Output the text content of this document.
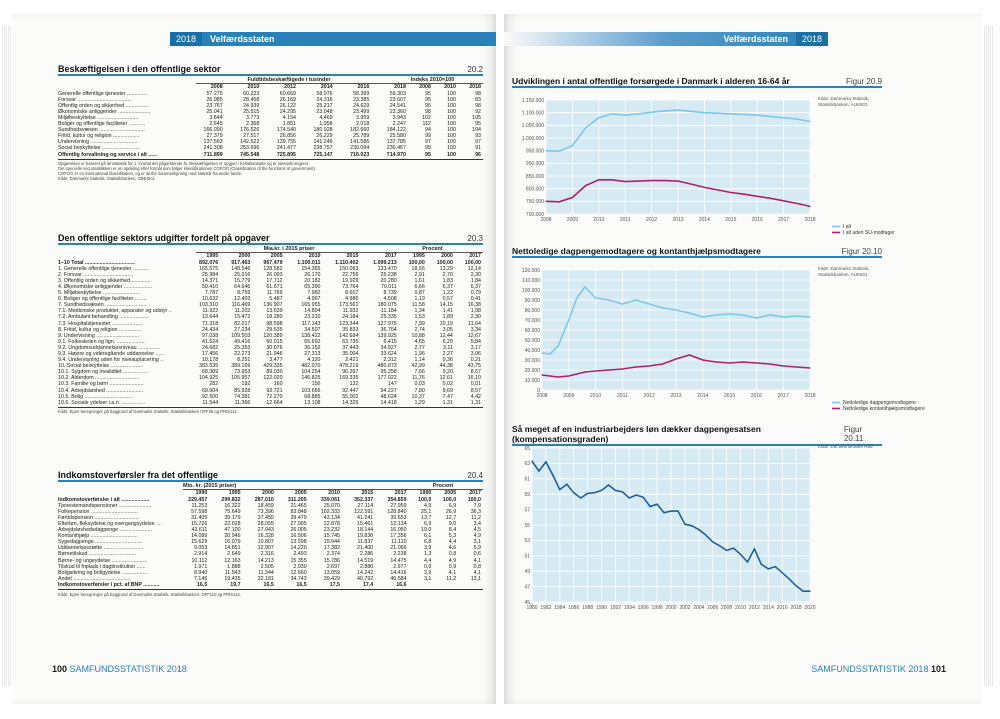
2018 Velfærdsstaten
Beskæftigelsen i den offentlige sektor	20.2
Fuldtidsbeskæftigede i tusinder	Indeks 2010=100
	2008	2010	2012	2014	2016	2018	2008	2010	2018
Generelle offentlige tjenester ..............	57.275	60.223	60.669	58.976	58.399	59.303	95	100	98
Forsvar .....................................	26.985	28.458	26.169	24.316	23.385	23.607	95	100	83
Offentlig orden og sikkerhed ................	23.767	24.939	26.122	25.217	24.629	24.541	95	100	98
Økonomiske anliggender ......................	25.041	25.515	24.295	23.048	23.499	23.360	98	100	92
Miljøbeskyttelse ............................	3.844	3.773	4.154	4.469	3.959	3.943	102	100	105
Boliger og offentlige faciliteter ...........	2.645	2.368	1.851	1.958	2.018	2.247	112	100	95
Sundhedsvæsen ...............................	166.090	176.526	174.540	180.928	182.660	184.122	94	100	104
Fritid, kultur og religion ..................	27.379	27.517	26.856	26.229	25.789	25.580	99	100	93
Undervisning ................................	137.563	142.522	139.755	141.246	141.586	137.785	97	100	97
Social beskyttelse ..........................	241.308	253.696	241.477	238.757	230.094	230.467	95	100	91
Offentlig forvaltning og service i alt ......	711.899	745.548	725.895	725.147	716.023	714.970	95	100	96
Opgørelsen er baseret på lønstatistik for 1. kvartal det pågældende år. Beskæftigelsen er opgjort i heltidsansatte og er sæsonkorrigeret.
Det specielle ved statistikken er en opdeling efter formål som følger klassifikationen COFOG (Classification of the functions of government).
COFOG er en international klassifikation, og er derfor sammenlignelig med statistik fra andre lande.
Kilde: Danmarks Statistik, Statistikbanken, OBESK4.
Den offentlige sektors udgifter fordelt på opgaver	20.3
Mia.kr. i 2015 priser	Procent
	1995	2000	2005	2010	2015	2017	1995	2000	2017
1–10 Total ..................................	892.076	917.463	967.479	1.100.011	1.110.402	1.099.213	100,00	100,00	100,00
1. Generelle offentlige tjenester ...........	165.575	148.546	128.582	154.365	150.063	133.470	18,56	13,29	12,14
2. Forsvar ..................................	25.984	25.016	26.093	26.170	22.756	25.238	2,91	2,70	2,30
3. Offentlig orden og sikkerhed .............	14.371	15.779	17.712	20.182	19.929	20.280	1,61	1,83	1,84
4. Økonomiske anliggender ...................	59.410	64.646	61.671	65.390	73.764	70.011	6,66	6,37	6,37
5. Miljøbeskyttelse .........................	7.787	8.759	11.769	7.982	8.607	8.739	0,87	1,22	0,79
6. Boliger og offentlige faciliteter ........	10.632	12.403	5.487	4.967	4.986	4.508	1,19	0,57	0,41
7. Sundhedsvæsen ............................	103.310	116.469	136.907	165.955	173.561	180.075	11,58	14,15	16,38
7.1. Medicinske produkter, apparater og udstyr ..	11.922	11.202	13.639	14.804	11.932	11.184	1,34	1,41	1,08
7.2. Ambulant behandling ....................	13.644	15.472	18.280	23.310	24.184	25.335	1,53	1,89	2,30
7.3. Hospitalstjenester .....................	71.318	82.017	98.598	117.143	123.344	127.975	7,99	10,19	11,64
8. Fritid, kultur og religion ...............	24.434	27.234	29.535	34.507	35.833	36.764	2,74	3,05	3,34
9. Undervisning .............................	97.038	109.503	120.389	138.422	142.684	139.925	10,88	12,44	12,67
9.1. Folkeskolen og lign. ...................	41.524	49.416	60.015	65.692	63.735	6.415	4,65	6,20	5,84
9.2. Ungdomsuddannelsesniveau ...............	24.682	25.353	30.076	36.152	37.443	34.827	2,77	3,11	3,17
9.3. Højere og videregående uddannelse ......	17.456	22.273	21.946	27.313	35.004	33.624	1,96	2,27	3,06
9.4. Undervisning uden for niveauplacering ..	10.178	8.251	3.477	4.120	2.421	2.312	1,14	0,36	0,21
10. Social beskyttelse ......................	383.535	389.169	429.335	482.070	478.219	480.873	42,99	44,38	43,75
10.1. Sygdom og invaliditet .................	68.309	73.953	89.030	104.254	96.397	95.258	7,66	9,20	8,67
10.2. Alderdom ..............................	104.925	105.957	122.020	146.825	169.335	177.022	11,76	12,61	16,10
10.3. Familie og børn .......................	282	192	160	156	132	147	0,03	0,02	0,01
10.4. Arbejdsløshed .........................	69.604	85.928	93.721	103.666	92.447	94.227	7,80	9,69	8,57
10.5. Bolig .................................	92.500	74.381	72.270	68.885	55.002	48.624	10,37	7,47	4,42
10.6. Sociale ydelser i.a.n. ................	11.544	11.366	12.664	13.108	14.326	14.418	1,29	1,31	1,31
Kilde: Egne beregninger på baggrund af Danmarks Statistik, Statistikbanken OFF29 og PRIS112.
Indkomstoverførsler fra det offentlige	20.4
Mio. kr. (2015 priser)	Procent
	1990	1995	2000	2005	2010	2015	2017	1990	2005	2017
Indkomstoverførsler i alt ...................	229.457	299.832	287.010	311.205	339.061	352.337	354.859	100,0	100,0	100,0
Tjenestemandspensioner ......................	11.253	16.322	18.459	21.465	25.070	27.114	27.959	4,9	6,9	7,9
Folkepension ................................	57.598	75.649	73.396	83.848	102.333	122.591	128.840	25,1	26,9	36,3
Førtidspension ..............................	31.405	39.179	37.455	39.479	43.134	41.241	39.653	13,7	12,7	11,2
Efterløn, fleksydelse og overgangsydelse ....	15.726	22.028	28.055	27.905	22.878	15.461	12.134	6,9	9,0	3,4
Arbejdsløshedsdagpenge ......................	43.611	47.100	27.043	26.005	23.232	18.144	16.050	19,0	8,4	4,5
Kontanthjælp ................................	14.099	20.946	16.328	16.506	15.745	19.830	17.356	6,1	5,3	4,9
Sygedagpenge ................................	15.629	16.079	10.807	13.598	15.944	11.837	11.110	6,8	4,4	3,1
Uddannelsesstøtte ...........................	9.053	14.851	12.907	14.220	17.382	21.400	21.066	3,9	4,6	5,9
Børnetilskud ................................	2.914	2.649	2.316	2.493	2.374	2.286	2.238	1,3	0,8	0,6
Børne- og ungeydelse ........................	10.112	12.163	14.213	15.355	15.786	14.519	14.475	4,4	4,9	4,1
Tilskud til friplads i dagtinstitution ......	1.971	1.888	2.505	2.930	2.697	2.880	2.977	0,9	0,9	0,8
Boligsikring og boligydelse .................	8.940	11.543	11.344	12.660	13.059	14.242	14.416	3,9	4,1	4,1
Andet .......................................	7.146	19.435	32.181	34.743	39.429	40.792	46.584	3,1	11,2	13,1
Indkomstoverførsler i pct. af BNP ...........	16,5	19,7	16,5	16,5	17,5	17,4	16,6			
Kilde: Egne beregninger på baggrund af Danmarks Statistik, Statistikbanken, OFF110 og PRIS112.
100 SAMFUNDSSTATISTIK 2018
Velfærdsstaten 2018
Udviklingen i antal offentlige forsørgede i Danmark i alderen 16-64 år	Figur 20.9
Kilde: Danmarks Statistik,
Statistikbanken, AUK501.
700.000
750.000
800.000
850.000
900.000
950.000
1.000.000
1.050.000
1.100.000
1.150.000
2008	2009	2010	2011	2012	2013	2014	2015	2016	2017	2018
I alt
I alt uden SU-modtager
Nettoledige dagpengemodtagere og kontanthjælpsmodtagere	Figur 20.10
Kilde: Danmarks Statistik,
Statistikbanken, AUK501.
0
10.000
20.000
30.000
40.000
50.000
60.000
70.000
80.000
90.000
100.000
110.000
120.000
2008	2009	2010	2011	2012	2013	2014	2015	2016	2017	2018
Nettoledige dagpengemodtagere
Nettoledige kontanthjælpsmodtagere
Så meget af en industriarbejders løn dækker dagpengesatsen (kompensationsgraden)
Figur 20.11
Kilde: Det økonomiske Råd
45
47
49
51
53
55
57
59
61
63
65
1980 1982 1984 1986 1988 1990 1992 1994 1996 1998 2000 2002 2004 2006 2008 2010 2012 2014 2016 2018 2020
SAMFUNDSSTATISTIK 2018 101
